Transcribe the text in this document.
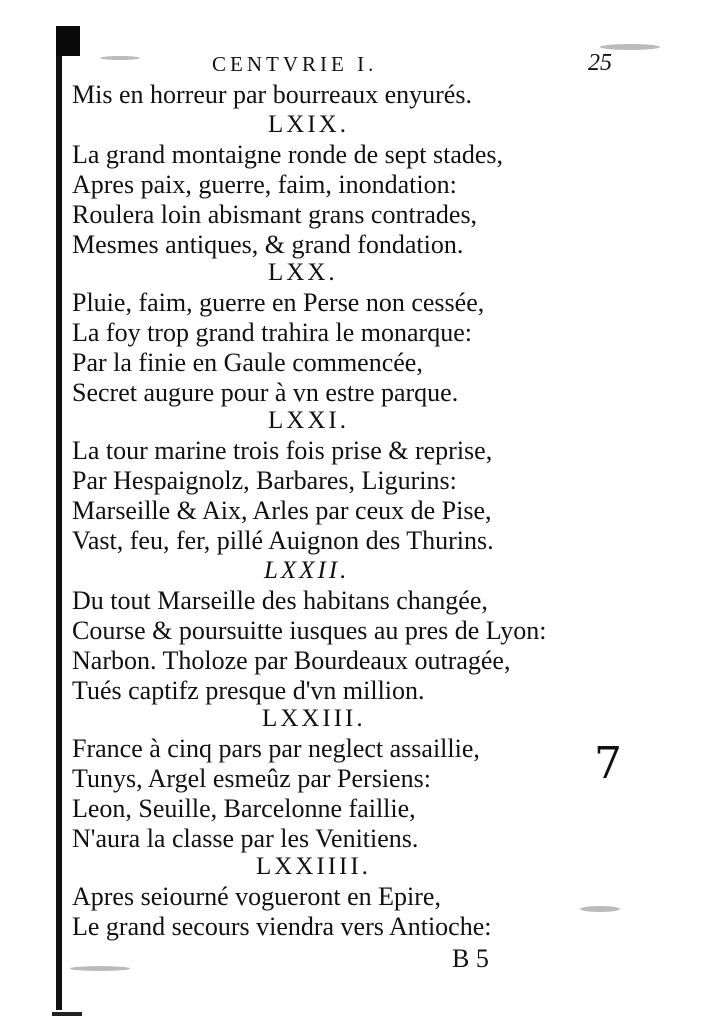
CENTVRIE I.	25
Mis en horreur par bourreaux enyurés.
LXIX.
La grand montaigne ronde de sept stades,
Apres paix, guerre, faim, inondation:
Roulera loin abismant grans contrades,
Mesmes antiques, & grand fondation.
LXX.
Pluie, faim, guerre en Perse non cessée,
La foy trop grand trahira le monarque:
Par la finie en Gaule commencée,
Secret augure pour à vn estre parque.
LXXI.
La tour marine trois fois prise & reprise,
Par Hespaignolz, Barbares, Ligurins:
Marseille & Aix, Arles par ceux de Pise,
Vast, feu, fer, pillé Auignon des Thurins.
LXXII.
Du tout Marseille des habitans changée,
Course & poursuitte iusques au pres de Lyon:
Narbon. Tholoze par Bourdeaux outragée,
Tués captifz presque d'vn million.
LXXIII.
France à cinq pars par neglect assaillie,
Tunys, Argel esmeûz par Persiens:
Leon, Seuille, Barcelonne faillie,
N'aura la classe par les Venitiens.
LXXIIII.
Apres seiourné vogueront en Epire,
Le grand secours viendra vers Antioche:
B 5
7
